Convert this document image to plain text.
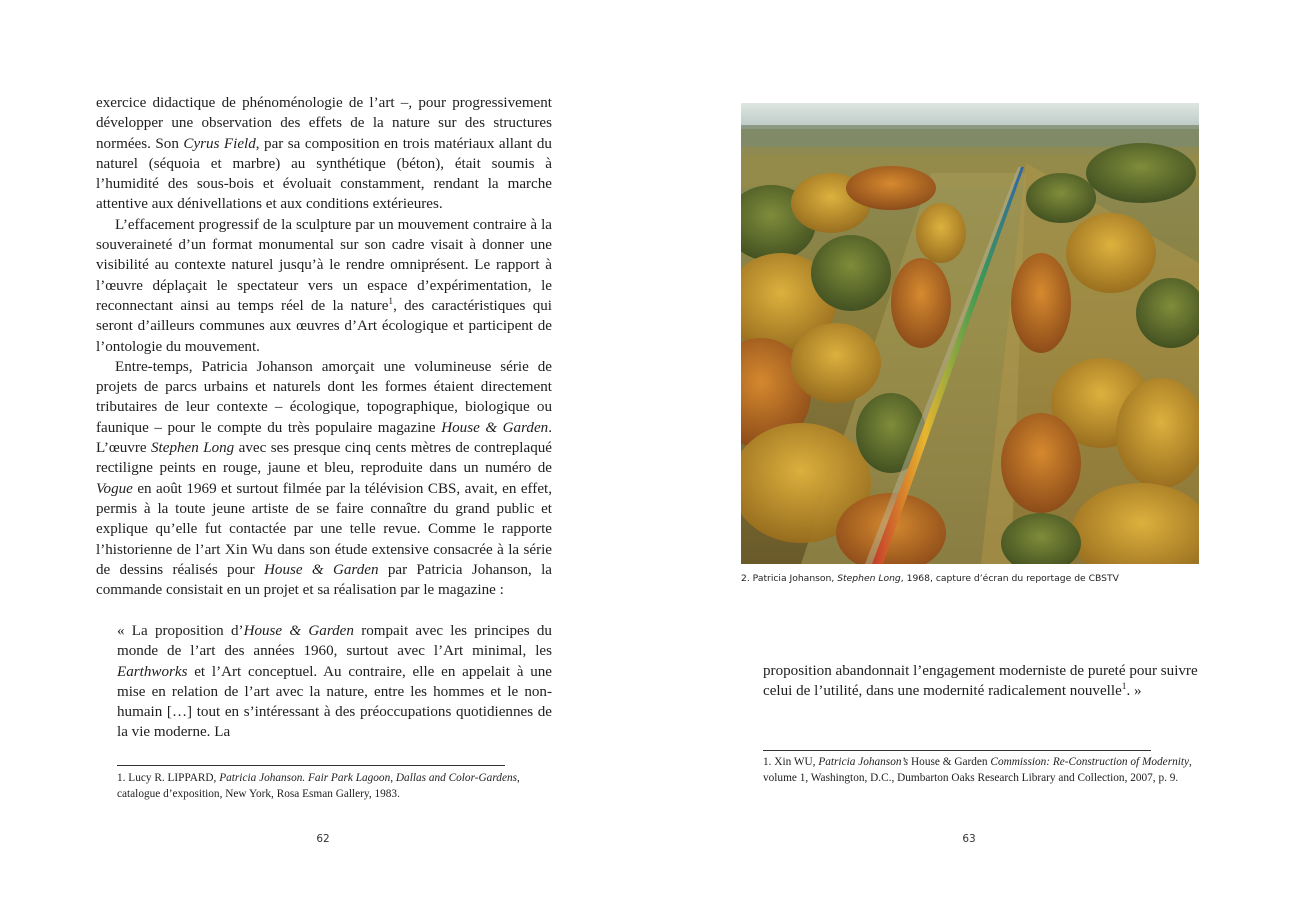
exercice didactique de phénoménologie de l’art –, pour progressivement développer une observation des effets de la nature sur des structures normées. Son Cyrus Field, par sa composition en trois matériaux allant du naturel (séquoia et marbre) au synthétique (béton), était soumis à l’humidité des sous-bois et évoluait constamment, rendant la marche attentive aux dénivellations et aux conditions extérieures.

L’effacement progressif de la sculpture par un mouvement contraire à la souveraineté d’un format monumental sur son cadre visait à donner une visibilité au contexte naturel jusqu’à le rendre omniprésent. Le rapport à l’œuvre déplaçait le spectateur vers un espace d’expérimentation, le reconnectant ainsi au temps réel de la nature$^1$, des caractéristiques qui seront d’ailleurs communes aux œuvres d’Art écologique et participent de l’ontologie du mouvement.

Entre-temps, Patricia Johanson amorçait une volumineuse série de projets de parcs urbains et naturels dont les formes étaient directement tributaires de leur contexte – écologique, topographique, biologique ou faunique – pour le compte du très populaire magazine House & Garden. L’œuvre Stephen Long avec ses presque cinq cents mètres de contreplaqué rectiligne peints en rouge, jaune et bleu, reproduite dans un numéro de Vogue en août 1969 et surtout filmée par la télévision CBS, avait, en effet, permis à la toute jeune artiste de se faire connaître du grand public et explique qu’elle fut contactée par une telle revue. Comme le rapporte l’historienne de l’art Xin Wu dans son étude extensive consacrée à la série de dessins réalisés pour House & Garden par Patricia Johanson, la commande consistait en un projet et sa réalisation par le magazine :

« La proposition d’House & Garden rompait avec les principes du monde de l’art des années 1960, surtout avec l’Art minimal, les Earthworks et l’Art conceptuel. Au contraire, elle en appelait à une mise en relation de l’art avec la nature, entre les hommes et le non-humain […] tout en s’intéressant à des préoccupations quotidiennes de la vie moderne. La
1. Lucy R. LIPPARD, Patricia Johanson. Fair Park Lagoon, Dallas and Color-Gardens, catalogue d’exposition, New York, Rosa Esman Gallery, 1983.
62
2. Patricia Johanson, Stephen Long, 1968, capture d’écran du reportage de CBSTV
proposition abandonnait l’engagement moderniste de pureté pour suivre celui de l’utilité, dans une modernité radicalement nouvelle$^1$. »
1. Xin WU, Patricia Johanson’s House & Garden Commission: Re-Construction of Modernity, volume 1, Washington, D.C., Dumbarton Oaks Research Library and Collection, 2007, p. 9.
63
